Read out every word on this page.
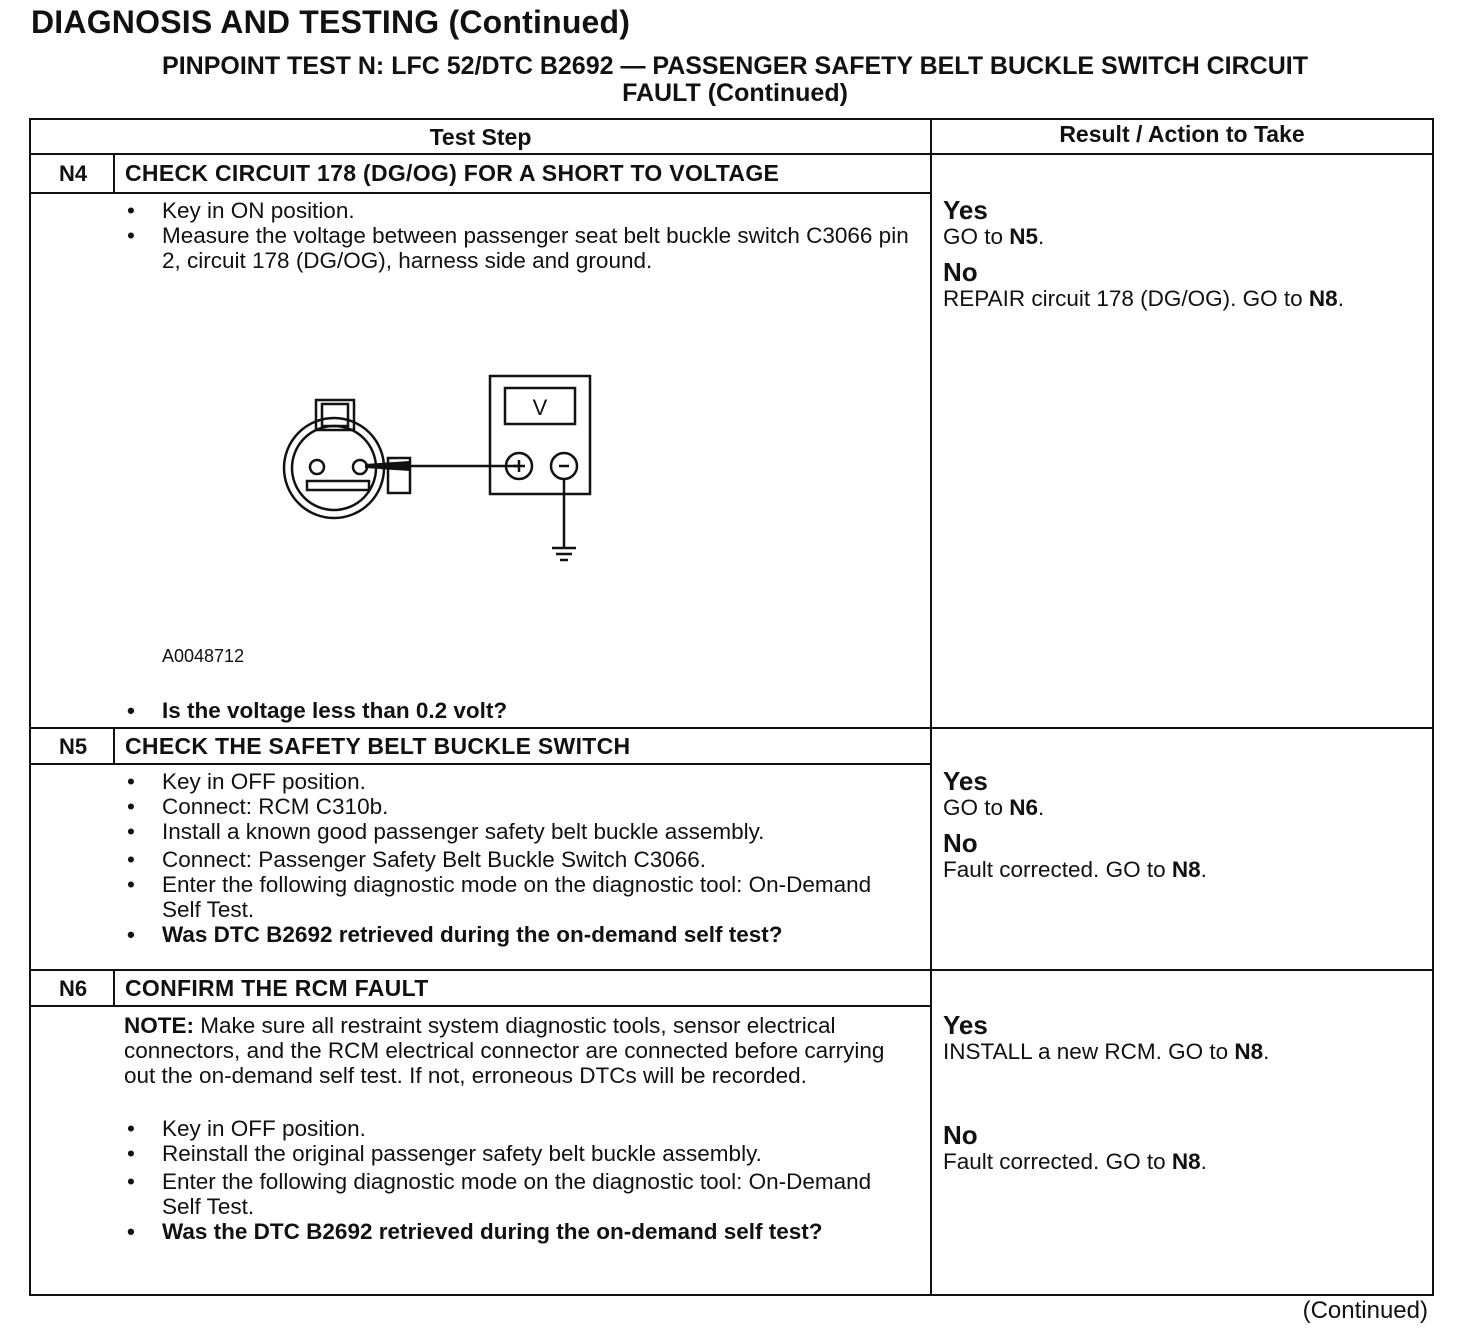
DIAGNOSIS AND TESTING (Continued)
PINPOINT TEST N: LFC 52/DTC B2692 — PASSENGER SAFETY BELT BUCKLE SWITCH CIRCUIT
FAULT (Continued)
Test Step	Result / Action to Take
N4	CHECK CIRCUIT 178 (DG/OG) FOR A SHORT TO VOLTAGE
• Key in ON position.
• Measure the voltage between passenger seat belt buckle switch C3066 pin 2, circuit 178 (DG/OG), harness side and ground.
V
A0048712
• Is the voltage less than 0.2 volt?
Yes
GO to N5.
No
REPAIR circuit 178 (DG/OG). GO to N8.
N5	CHECK THE SAFETY BELT BUCKLE SWITCH
• Key in OFF position.
• Connect: RCM C310b.
• Install a known good passenger safety belt buckle assembly.
• Connect: Passenger Safety Belt Buckle Switch C3066.
• Enter the following diagnostic mode on the diagnostic tool: On-Demand Self Test.
• Was DTC B2692 retrieved during the on-demand self test?
Yes
GO to N6.
No
Fault corrected. GO to N8.
N6	CONFIRM THE RCM FAULT
NOTE: Make sure all restraint system diagnostic tools, sensor electrical connectors, and the RCM electrical connector are connected before carrying out the on-demand self test. If not, erroneous DTCs will be recorded.
• Key in OFF position.
• Reinstall the original passenger safety belt buckle assembly.
• Enter the following diagnostic mode on the diagnostic tool: On-Demand Self Test.
• Was the DTC B2692 retrieved during the on-demand self test?
Yes
INSTALL a new RCM. GO to N8.
No
Fault corrected. GO to N8.
(Continued)
